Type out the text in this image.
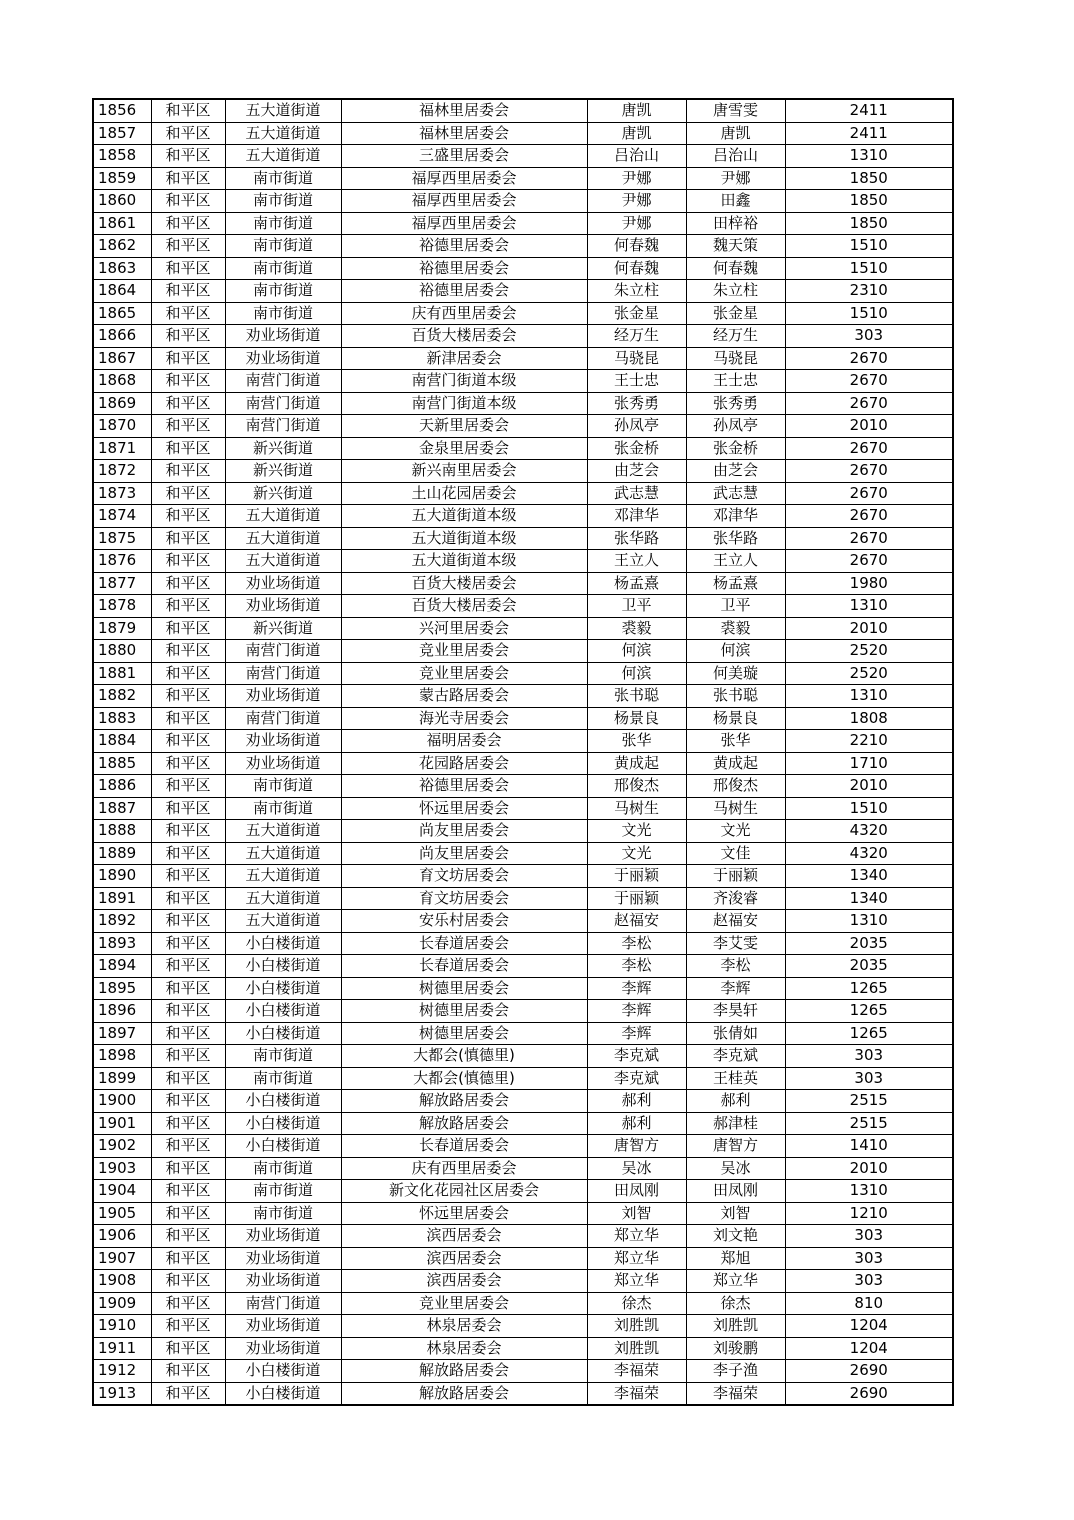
1856	和平区	五大道街道	福林里居委会	唐凯	唐雪雯	2411
1857	和平区	五大道街道	福林里居委会	唐凯	唐凯	2411
1858	和平区	五大道街道	三盛里居委会	吕治山	吕治山	1310
1859	和平区	南市街道	福厚西里居委会	尹娜	尹娜	1850
1860	和平区	南市街道	福厚西里居委会	尹娜	田鑫	1850
1861	和平区	南市街道	福厚西里居委会	尹娜	田梓裕	1850
1862	和平区	南市街道	裕德里居委会	何春魏	魏天策	1510
1863	和平区	南市街道	裕德里居委会	何春魏	何春魏	1510
1864	和平区	南市街道	裕德里居委会	朱立柱	朱立柱	2310
1865	和平区	南市街道	庆有西里居委会	张金星	张金星	1510
1866	和平区	劝业场街道	百货大楼居委会	经万生	经万生	303
1867	和平区	劝业场街道	新津居委会	马骁昆	马骁昆	2670
1868	和平区	南营门街道	南营门街道本级	王士忠	王士忠	2670
1869	和平区	南营门街道	南营门街道本级	张秀勇	张秀勇	2670
1870	和平区	南营门街道	天新里居委会	孙凤亭	孙凤亭	2010
1871	和平区	新兴街道	金泉里居委会	张金桥	张金桥	2670
1872	和平区	新兴街道	新兴南里居委会	由芝会	由芝会	2670
1873	和平区	新兴街道	土山花园居委会	武志慧	武志慧	2670
1874	和平区	五大道街道	五大道街道本级	邓津华	邓津华	2670
1875	和平区	五大道街道	五大道街道本级	张华路	张华路	2670
1876	和平区	五大道街道	五大道街道本级	王立人	王立人	2670
1877	和平区	劝业场街道	百货大楼居委会	杨孟熹	杨孟熹	1980
1878	和平区	劝业场街道	百货大楼居委会	卫平	卫平	1310
1879	和平区	新兴街道	兴河里居委会	裘毅	裘毅	2010
1880	和平区	南营门街道	竞业里居委会	何滨	何滨	2520
1881	和平区	南营门街道	竞业里居委会	何滨	何美璇	2520
1882	和平区	劝业场街道	蒙古路居委会	张书聪	张书聪	1310
1883	和平区	南营门街道	海光寺居委会	杨景良	杨景良	1808
1884	和平区	劝业场街道	福明居委会	张华	张华	2210
1885	和平区	劝业场街道	花园路居委会	黄成起	黄成起	1710
1886	和平区	南市街道	裕德里居委会	邢俊杰	邢俊杰	2010
1887	和平区	南市街道	怀远里居委会	马树生	马树生	1510
1888	和平区	五大道街道	尚友里居委会	文光	文光	4320
1889	和平区	五大道街道	尚友里居委会	文光	文佳	4320
1890	和平区	五大道街道	育文坊居委会	于丽颖	于丽颖	1340
1891	和平区	五大道街道	育文坊居委会	于丽颖	齐浚睿	1340
1892	和平区	五大道街道	安乐村居委会	赵福安	赵福安	1310
1893	和平区	小白楼街道	长春道居委会	李松	李艾雯	2035
1894	和平区	小白楼街道	长春道居委会	李松	李松	2035
1895	和平区	小白楼街道	树德里居委会	李辉	李辉	1265
1896	和平区	小白楼街道	树德里居委会	李辉	李昊轩	1265
1897	和平区	小白楼街道	树德里居委会	李辉	张倩如	1265
1898	和平区	南市街道	大都会(慎德里)	李克斌	李克斌	303
1899	和平区	南市街道	大都会(慎德里)	李克斌	王桂英	303
1900	和平区	小白楼街道	解放路居委会	郝利	郝利	2515
1901	和平区	小白楼街道	解放路居委会	郝利	郝津桂	2515
1902	和平区	小白楼街道	长春道居委会	唐智方	唐智方	1410
1903	和平区	南市街道	庆有西里居委会	吴冰	吴冰	2010
1904	和平区	南市街道	新文化花园社区居委会	田凤刚	田凤刚	1310
1905	和平区	南市街道	怀远里居委会	刘智	刘智	1210
1906	和平区	劝业场街道	滨西居委会	郑立华	刘文艳	303
1907	和平区	劝业场街道	滨西居委会	郑立华	郑旭	303
1908	和平区	劝业场街道	滨西居委会	郑立华	郑立华	303
1909	和平区	南营门街道	竞业里居委会	徐杰	徐杰	810
1910	和平区	劝业场街道	林泉居委会	刘胜凯	刘胜凯	1204
1911	和平区	劝业场街道	林泉居委会	刘胜凯	刘骏鹏	1204
1912	和平区	小白楼街道	解放路居委会	李福荣	李子渔	2690
1913	和平区	小白楼街道	解放路居委会	李福荣	李福荣	2690
